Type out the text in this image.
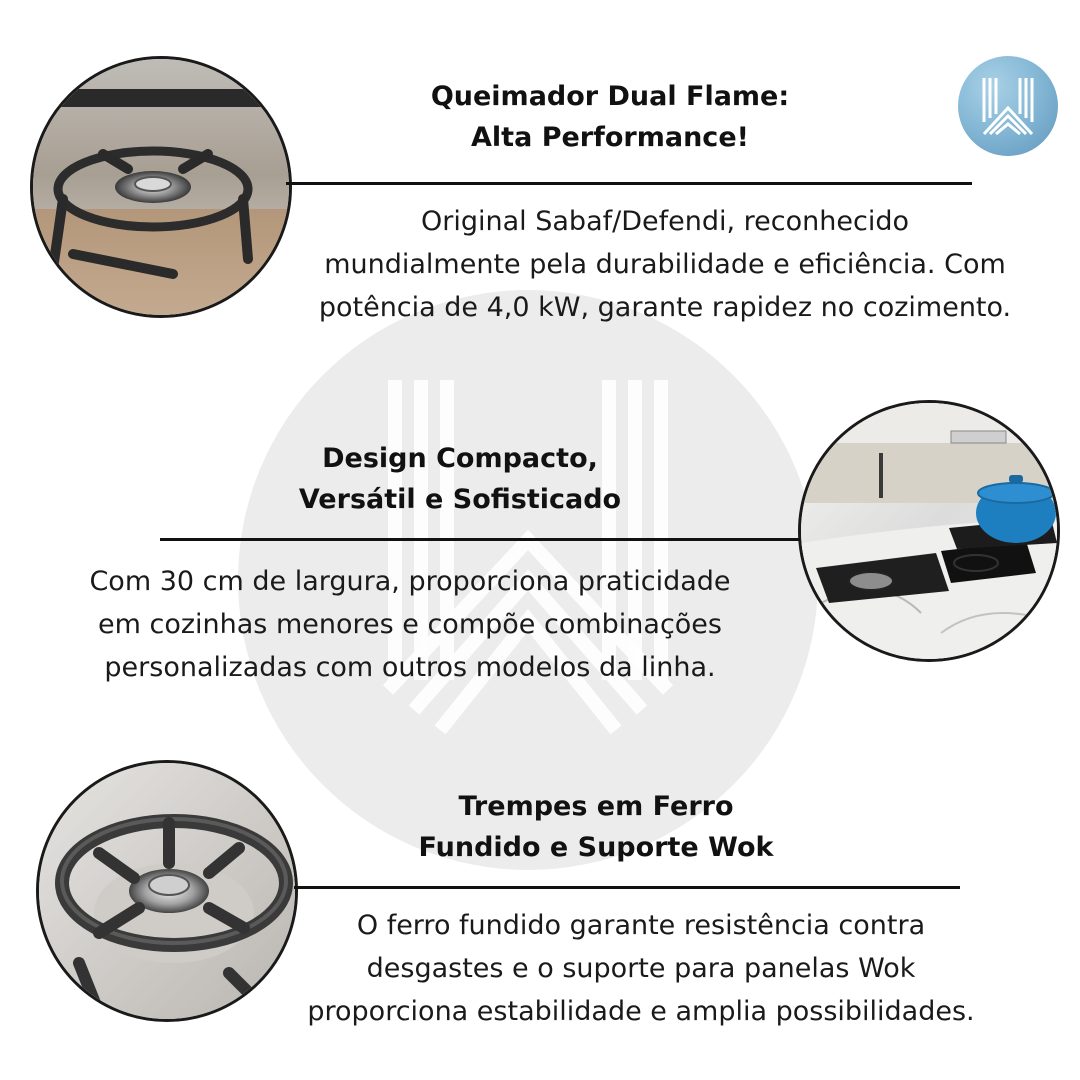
Queimador Dual Flame:
Alta Performance!
Original Sabaf/Defendi, reconhecido
mundialmente pela durabilidade e eficiência. Com
potência de 4,0 kW, garante rapidez no cozimento.
Design Compacto,
Versátil e Sofisticado
Com 30 cm de largura, proporciona praticidade
em cozinhas menores e compõe combinações
personalizadas com outros modelos da linha.
Trempes em Ferro
Fundido e Suporte Wok
O ferro fundido garante resistência contra
desgastes e o suporte para panelas Wok
proporciona estabilidade e amplia possibilidades.
